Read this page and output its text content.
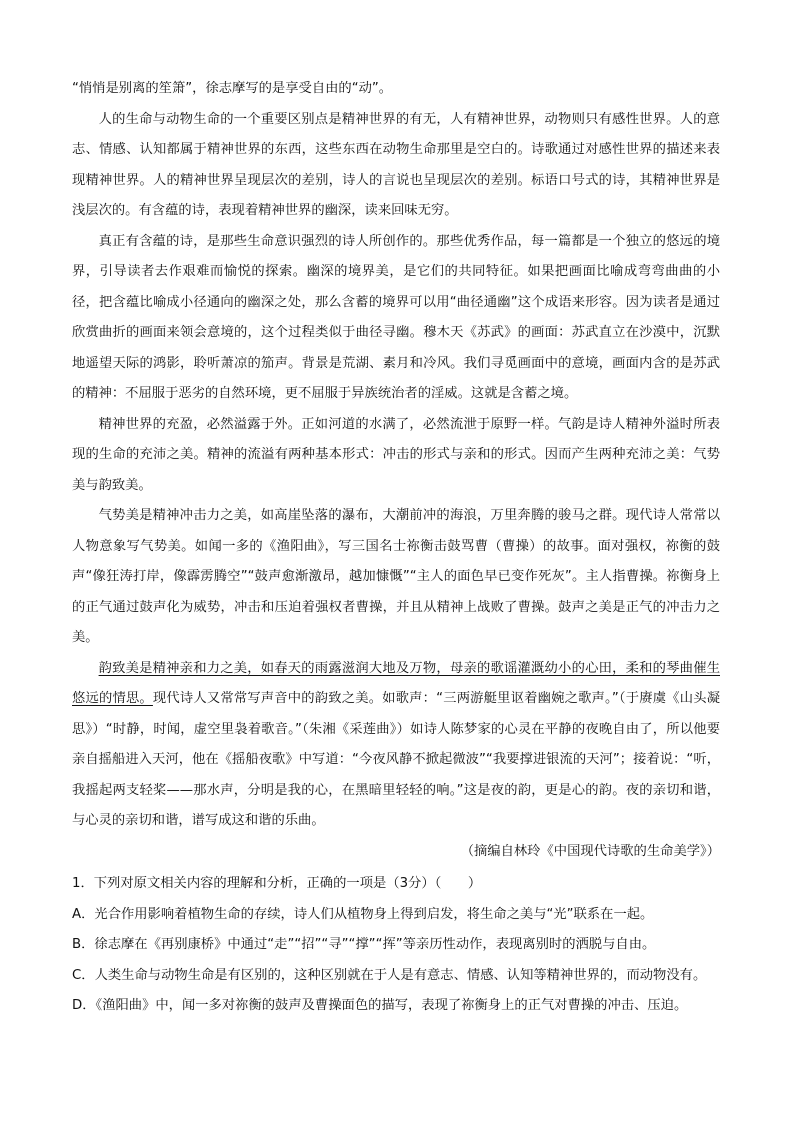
“悄悄是别离的笙箫”，徐志摩写的是享受自由的“动”。

人的生命与动物生命的一个重要区别点是精神世界的有无，人有精神世界，动物则只有感性世界。人的意志、情感、认知都属于精神世界的东西，这些东西在动物生命那里是空白的。诗歌通过对感性世界的描述来表现精神世界。人的精神世界呈现层次的差别，诗人的言说也呈现层次的差别。标语口号式的诗，其精神世界是浅层次的。有含蕴的诗，表现着精神世界的幽深，读来回味无穷。

真正有含蕴的诗，是那些生命意识强烈的诗人所创作的。那些优秀作品，每一篇都是一个独立的悠远的境界，引导读者去作艰难而愉悦的探索。幽深的境界美，是它们的共同特征。如果把画面比喻成弯弯曲曲的小径，把含蕴比喻成小径通向的幽深之处，那么含蓄的境界可以用“曲径通幽”这个成语来形容。因为读者是通过欣赏曲折的画面来领会意境的，这个过程类似于曲径寻幽。穆木天《苏武》的画面：苏武直立在沙漠中，沉默地遥望天际的鸿影，聆听萧凉的笳声。背景是荒湖、素月和冷风。我们寻觅画面中的意境，画面内含的是苏武的精神：不屈服于恶劣的自然环境，更不屈服于异族统治者的淫威。这就是含蓄之境。

精神世界的充盈，必然溢露于外。正如河道的水满了，必然流泄于原野一样。气韵是诗人精神外溢时所表现的生命的充沛之美。精神的流溢有两种基本形式：冲击的形式与亲和的形式。因而产生两种充沛之美：气势美与韵致美。

气势美是精神冲击力之美，如高崖坠落的瀑布，大潮前冲的海浪，万里奔腾的骏马之群。现代诗人常常以人物意象写气势美。如闻一多的《渔阳曲》，写三国名士祢衡击鼓骂曹（曹操）的故事。面对强权，祢衡的鼓声“像狂涛打岸，像霹雳腾空”“鼓声愈渐激昂，越加慷慨”“主人的面色早已变作死灰”。主人指曹操。祢衡身上的正气通过鼓声化为威势，冲击和压迫着强权者曹操，并且从精神上战败了曹操。鼓声之美是正气的冲击力之美。

韵致美是精神亲和力之美，如春天的雨露滋润大地及万物，母亲的歌谣灌溉幼小的心田，柔和的琴曲催生悠远的情思。现代诗人又常常写声音中的韵致之美。如歌声：“三两游艇里讴着幽婉之歌声。”（于赓虞《山头凝思》）“时静，时闻，虚空里袅着歌音。”（朱湘《采莲曲》）如诗人陈梦家的心灵在平静的夜晚自由了，所以他要亲自摇船进入天河，他在《摇船夜歌》中写道：“今夜风静不掀起微波”“我要撑进银流的天河”；接着说：“听，我摇起两支轻桨——那水声，分明是我的心，在黑暗里轻轻的响。”这是夜的韵，更是心的韵。夜的亲切和谐，与心灵的亲切和谐，谱写成这和谐的乐曲。

（摘编自林玲《中国现代诗歌的生命美学》）

1．下列对原文相关内容的理解和分析，正确的一项是（3分）（　　）

A．光合作用影响着植物生命的存续，诗人们从植物身上得到启发，将生命之美与“光”联系在一起。

B．徐志摩在《再别康桥》中通过“走”“招”“寻”“撑”“挥”等亲历性动作，表现离别时的洒脱与自由。

C．人类生命与动物生命是有区别的，这种区别就在于人是有意志、情感、认知等精神世界的，而动物没有。

D．《渔阳曲》中，闻一多对祢衡的鼓声及曹操面色的描写，表现了祢衡身上的正气对曹操的冲击、压迫。
